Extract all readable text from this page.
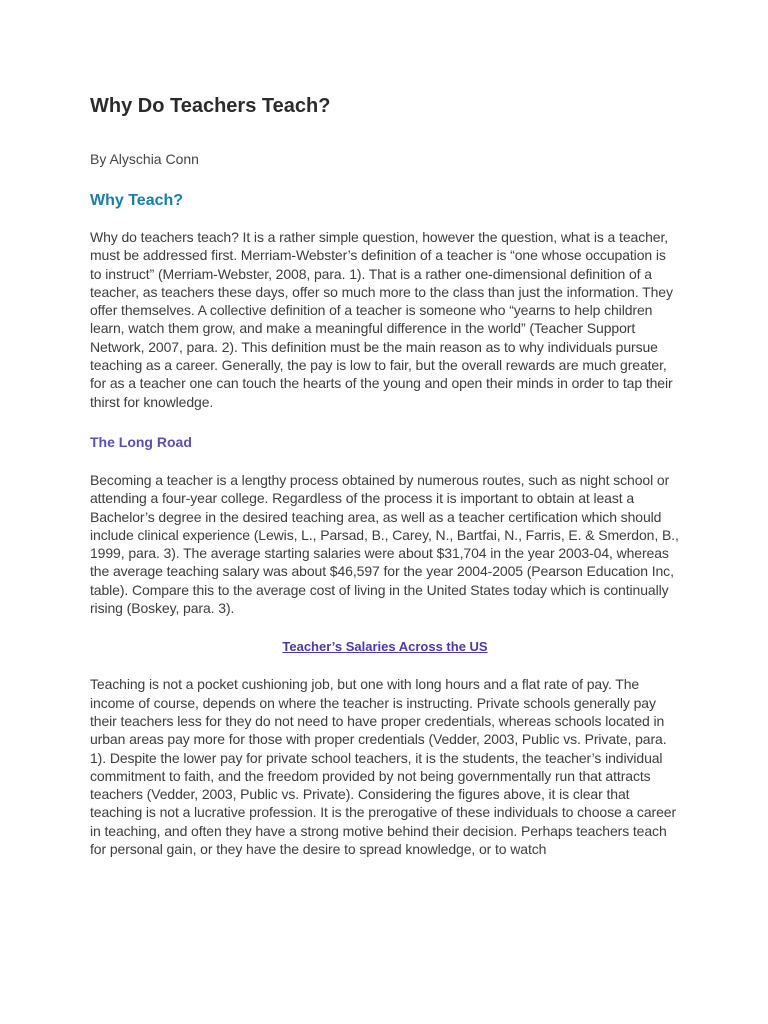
Why Do Teachers Teach?
By Alyschia Conn
Why Teach?

Why do teachers teach? It is a rather simple question, however the question, what is a teacher, must be addressed first. Merriam-Webster’s definition of a teacher is “one whose occupation is to instruct” (Merriam-Webster, 2008, para. 1). That is a rather one-dimensional definition of a teacher, as teachers these days, offer so much more to the class than just the information. They offer themselves. A collective definition of a teacher is someone who “yearns to help children learn, watch them grow, and make a meaningful difference in the world” (Teacher Support Network, 2007, para. 2). This definition must be the main reason as to why individuals pursue teaching as a career. Generally, the pay is low to fair, but the overall rewards are much greater, for as a teacher one can touch the hearts of the young and open their minds in order to tap their thirst for knowledge.

The Long Road

Becoming a teacher is a lengthy process obtained by numerous routes, such as night school or attending a four-year college. Regardless of the process it is important to obtain at least a Bachelor’s degree in the desired teaching area, as well as a teacher certification which should include clinical experience (Lewis, L., Parsad, B., Carey, N., Bartfai, N., Farris, E. & Smerdon, B., 1999, para. 3). The average starting salaries were about $31,704 in the year 2003-04, whereas the average teaching salary was about $46,597 for the year 2004-2005 (Pearson Education Inc, table). Compare this to the average cost of living in the United States today which is continually rising (Boskey, para. 3).

Teacher’s Salaries Across the US

Teaching is not a pocket cushioning job, but one with long hours and a flat rate of pay. The income of course, depends on where the teacher is instructing. Private schools generally pay their teachers less for they do not need to have proper credentials, whereas schools located in urban areas pay more for those with proper credentials (Vedder, 2003, Public vs. Private, para. 1). Despite the lower pay for private school teachers, it is the students, the teacher’s individual commitment to faith, and the freedom provided by not being governmentally run that attracts teachers (Vedder, 2003, Public vs. Private). Considering the figures above, it is clear that teaching is not a lucrative profession. It is the prerogative of these individuals to choose a career in teaching, and often they have a strong motive behind their decision. Perhaps teachers teach for personal gain, or they have the desire to spread knowledge, or to watch
